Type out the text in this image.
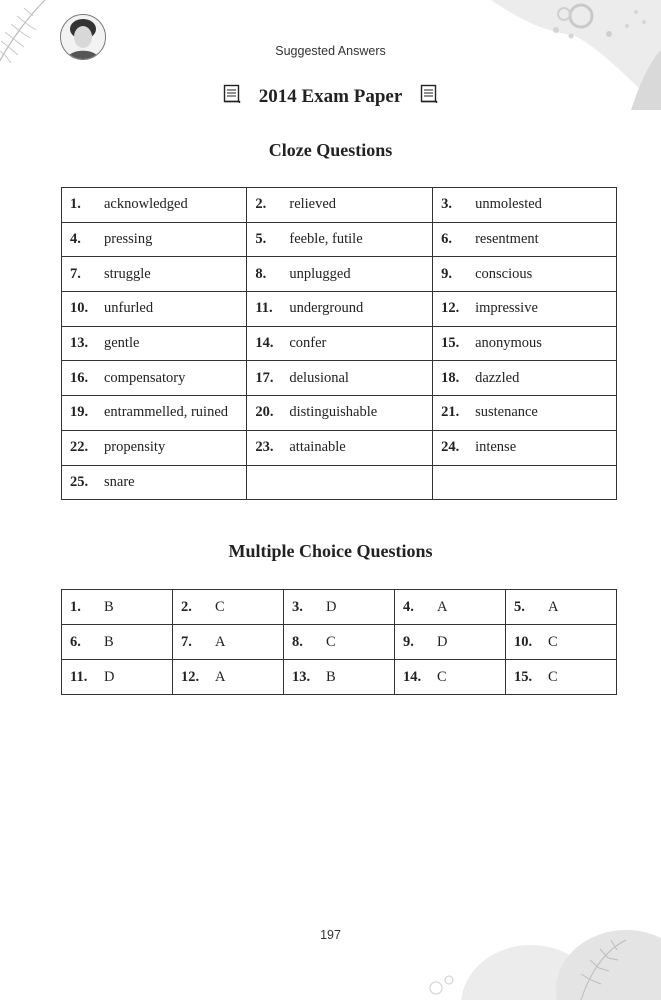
Suggested Answers
2014 Exam Paper
Cloze Questions
1. acknowledged	2. relieved	3. unmolested
4. pressing	5. feeble, futile	6. resentment
7. struggle	8. unplugged	9. conscious
10. unfurled	11. underground	12. impressive
13. gentle	14. confer	15. anonymous
16. compensatory	17. delusional	18. dazzled
19. entrammelled, ruined	20. distinguishable	21. sustenance
22. propensity	23. attainable	24. intense
25. snare		
Multiple Choice Questions
1. B	2. C	3. D	4. A	5. A
6. B	7. A	8. C	9. D	10. C
11. D	12. A	13. B	14. C	15. C
197
